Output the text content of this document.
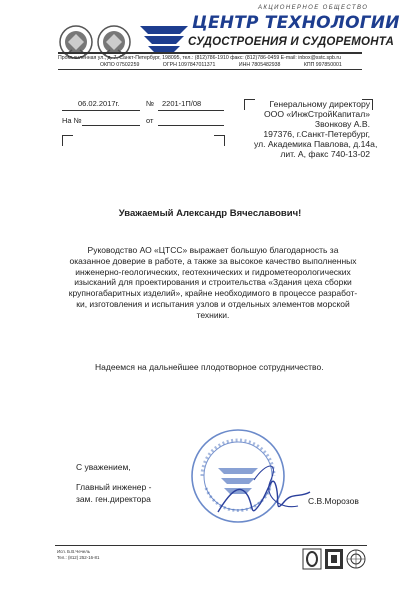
АКЦИОНЕРНОЕ ОБЩЕСТВО
ЦЕНТР ТЕХНОЛОГИИ
СУДОСТРОЕНИЯ И СУДОРЕМОНТА
Промышленная ул., д. 7, Санкт-Петербург, 198095, тел.: (812)786-1910 факс: (812)786-0459 E-mail: inbox@sstc.spb.ru
ОКПО 07502259	ОГРН 1097847011371	ИНН 7805482938	КПП 997850001
06.02.2017г.	№ 2201-1П/08
На №	от
Генеральному директору
ООО «ИнжСтройКапитал»
Звонкову А.В.
197376, г.Санкт-Петербург,
ул. Академика Павлова, д.14а,
лит. А, факс 740-13-02
Уважаемый Александр Вячеславович!
Руководство АО «ЦТСС» выражает большую благодарность за
оказанное доверие в работе, а также за высокое качество выполненных
инженерно-геологических, геотехнических и гидрометеорологических
изысканий для проектирования и строительства «Здания цеха сборки
крупногабаритных изделий», крайне необходимого в процессе разработ-
ки, изготовления и испытания узлов и отдельных элементов морской
техники.
Надеемся на дальнейшее плодотворное сотрудничество.
С уважением,
Главный инженер -
зам. ген.директора	С.В.Морозов
Исп. Б.В.Чечель
Тел.: (812) 252-16-81
